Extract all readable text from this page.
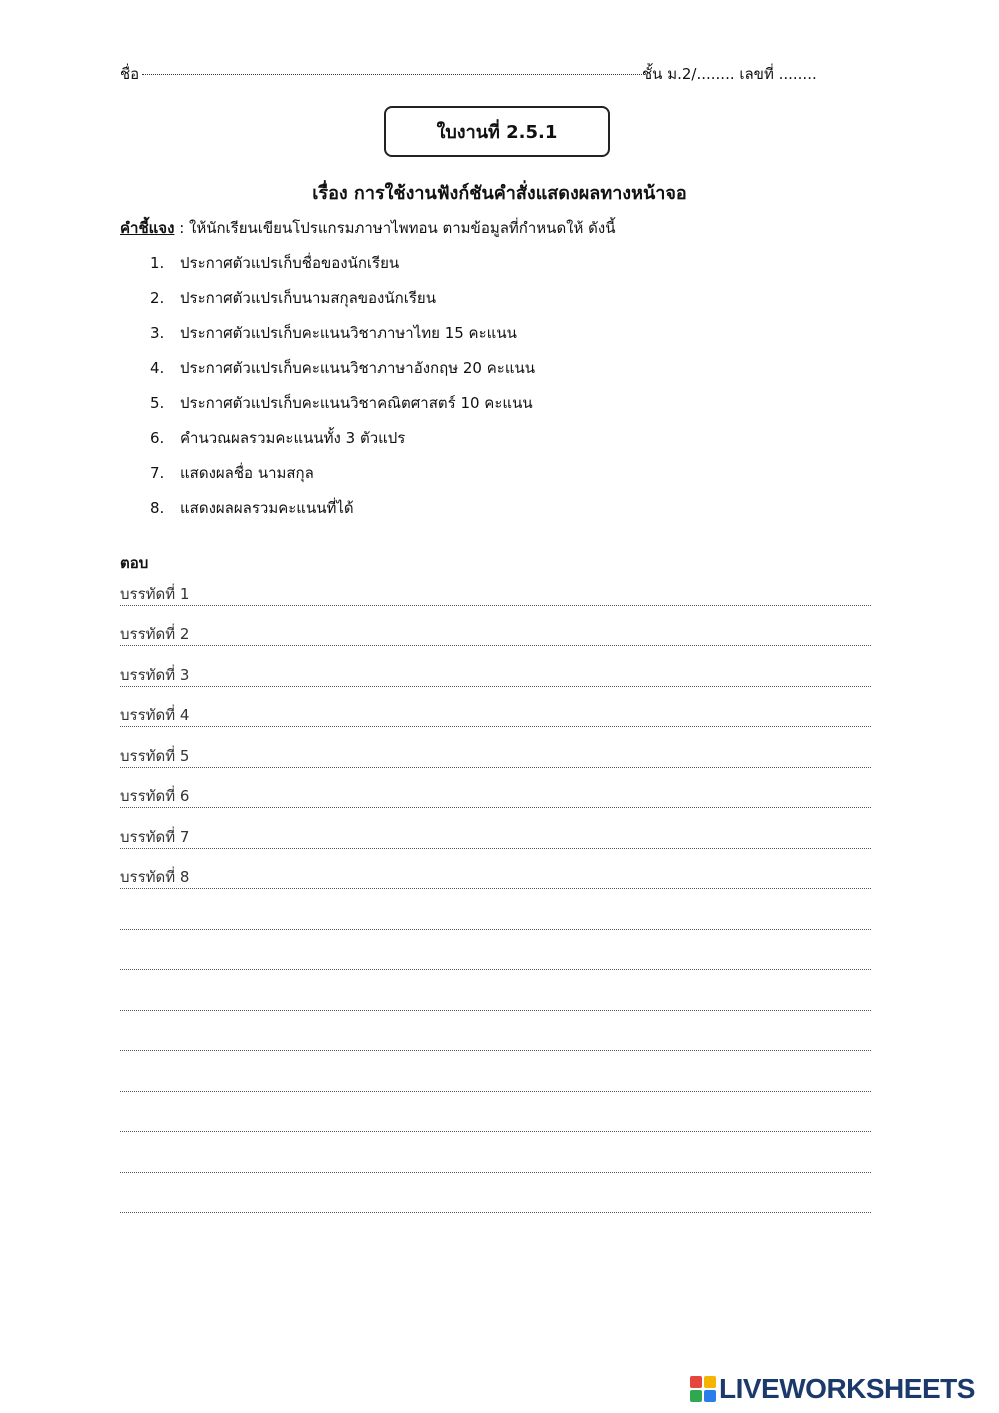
ชื่อ	ชั้น ม.2/........ เลขที่ ........
ใบงานที่ 2.5.1
เรื่อง การใช้งานฟังก์ชันคำสั่งแสดงผลทางหน้าจอ
คำชี้แจง : ให้นักเรียนเขียนโปรแกรมภาษาไพทอน ตามข้อมูลที่กำหนดให้ ดังนี้
1. ประกาศตัวแปรเก็บชื่อของนักเรียน
2. ประกาศตัวแปรเก็บนามสกุลของนักเรียน
3. ประกาศตัวแปรเก็บคะแนนวิชาภาษาไทย 15 คะแนน
4. ประกาศตัวแปรเก็บคะแนนวิชาภาษาอังกฤษ 20 คะแนน
5. ประกาศตัวแปรเก็บคะแนนวิชาคณิตศาสตร์ 10 คะแนน
6. คำนวณผลรวมคะแนนทั้ง 3 ตัวแปร
7. แสดงผลชื่อ นามสกุล
8. แสดงผลผลรวมคะแนนที่ได้
ตอบ
บรรทัดที่ 1
บรรทัดที่ 2
บรรทัดที่ 3
บรรทัดที่ 4
บรรทัดที่ 5
บรรทัดที่ 6
บรรทัดที่ 7
บรรทัดที่ 8
LIVEWORKSHEETS
